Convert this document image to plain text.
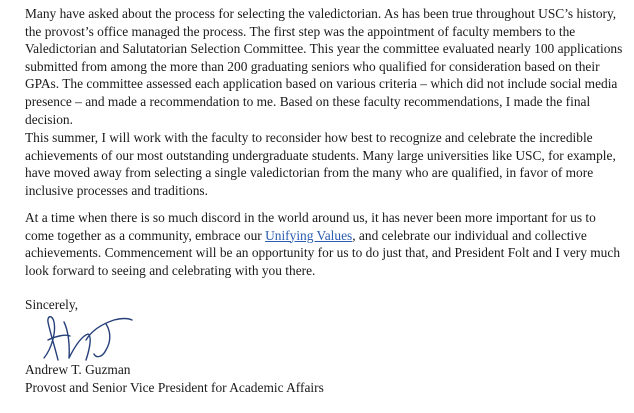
Many have asked about the process for selecting the valedictorian. As has been true throughout USC’s history, the provost’s office managed the process. The first step was the appointment of faculty members to the Valedictorian and Salutatorian Selection Committee. This year the committee evaluated nearly 100 applications submitted from among the more than 200 graduating seniors who qualified for consideration based on their GPAs. The committee assessed each application based on various criteria – which did not include social media presence – and made a recommendation to me. Based on these faculty recommendations, I made the final decision.

This summer, I will work with the faculty to reconsider how best to recognize and celebrate the incredible achievements of our most outstanding undergraduate students. Many large universities like USC, for example, have moved away from selecting a single valedictorian from the many who are qualified, in favor of more inclusive processes and traditions.

At a time when there is so much discord in the world around us, it has never been more important for us to come together as a community, embrace our Unifying Values, and celebrate our individual and collective achievements. Commencement will be an opportunity for us to do just that, and President Folt and I very much look forward to seeing and celebrating with you there.

Sincerely,
Andrew T. Guzman
Provost and Senior Vice President for Academic Affairs
